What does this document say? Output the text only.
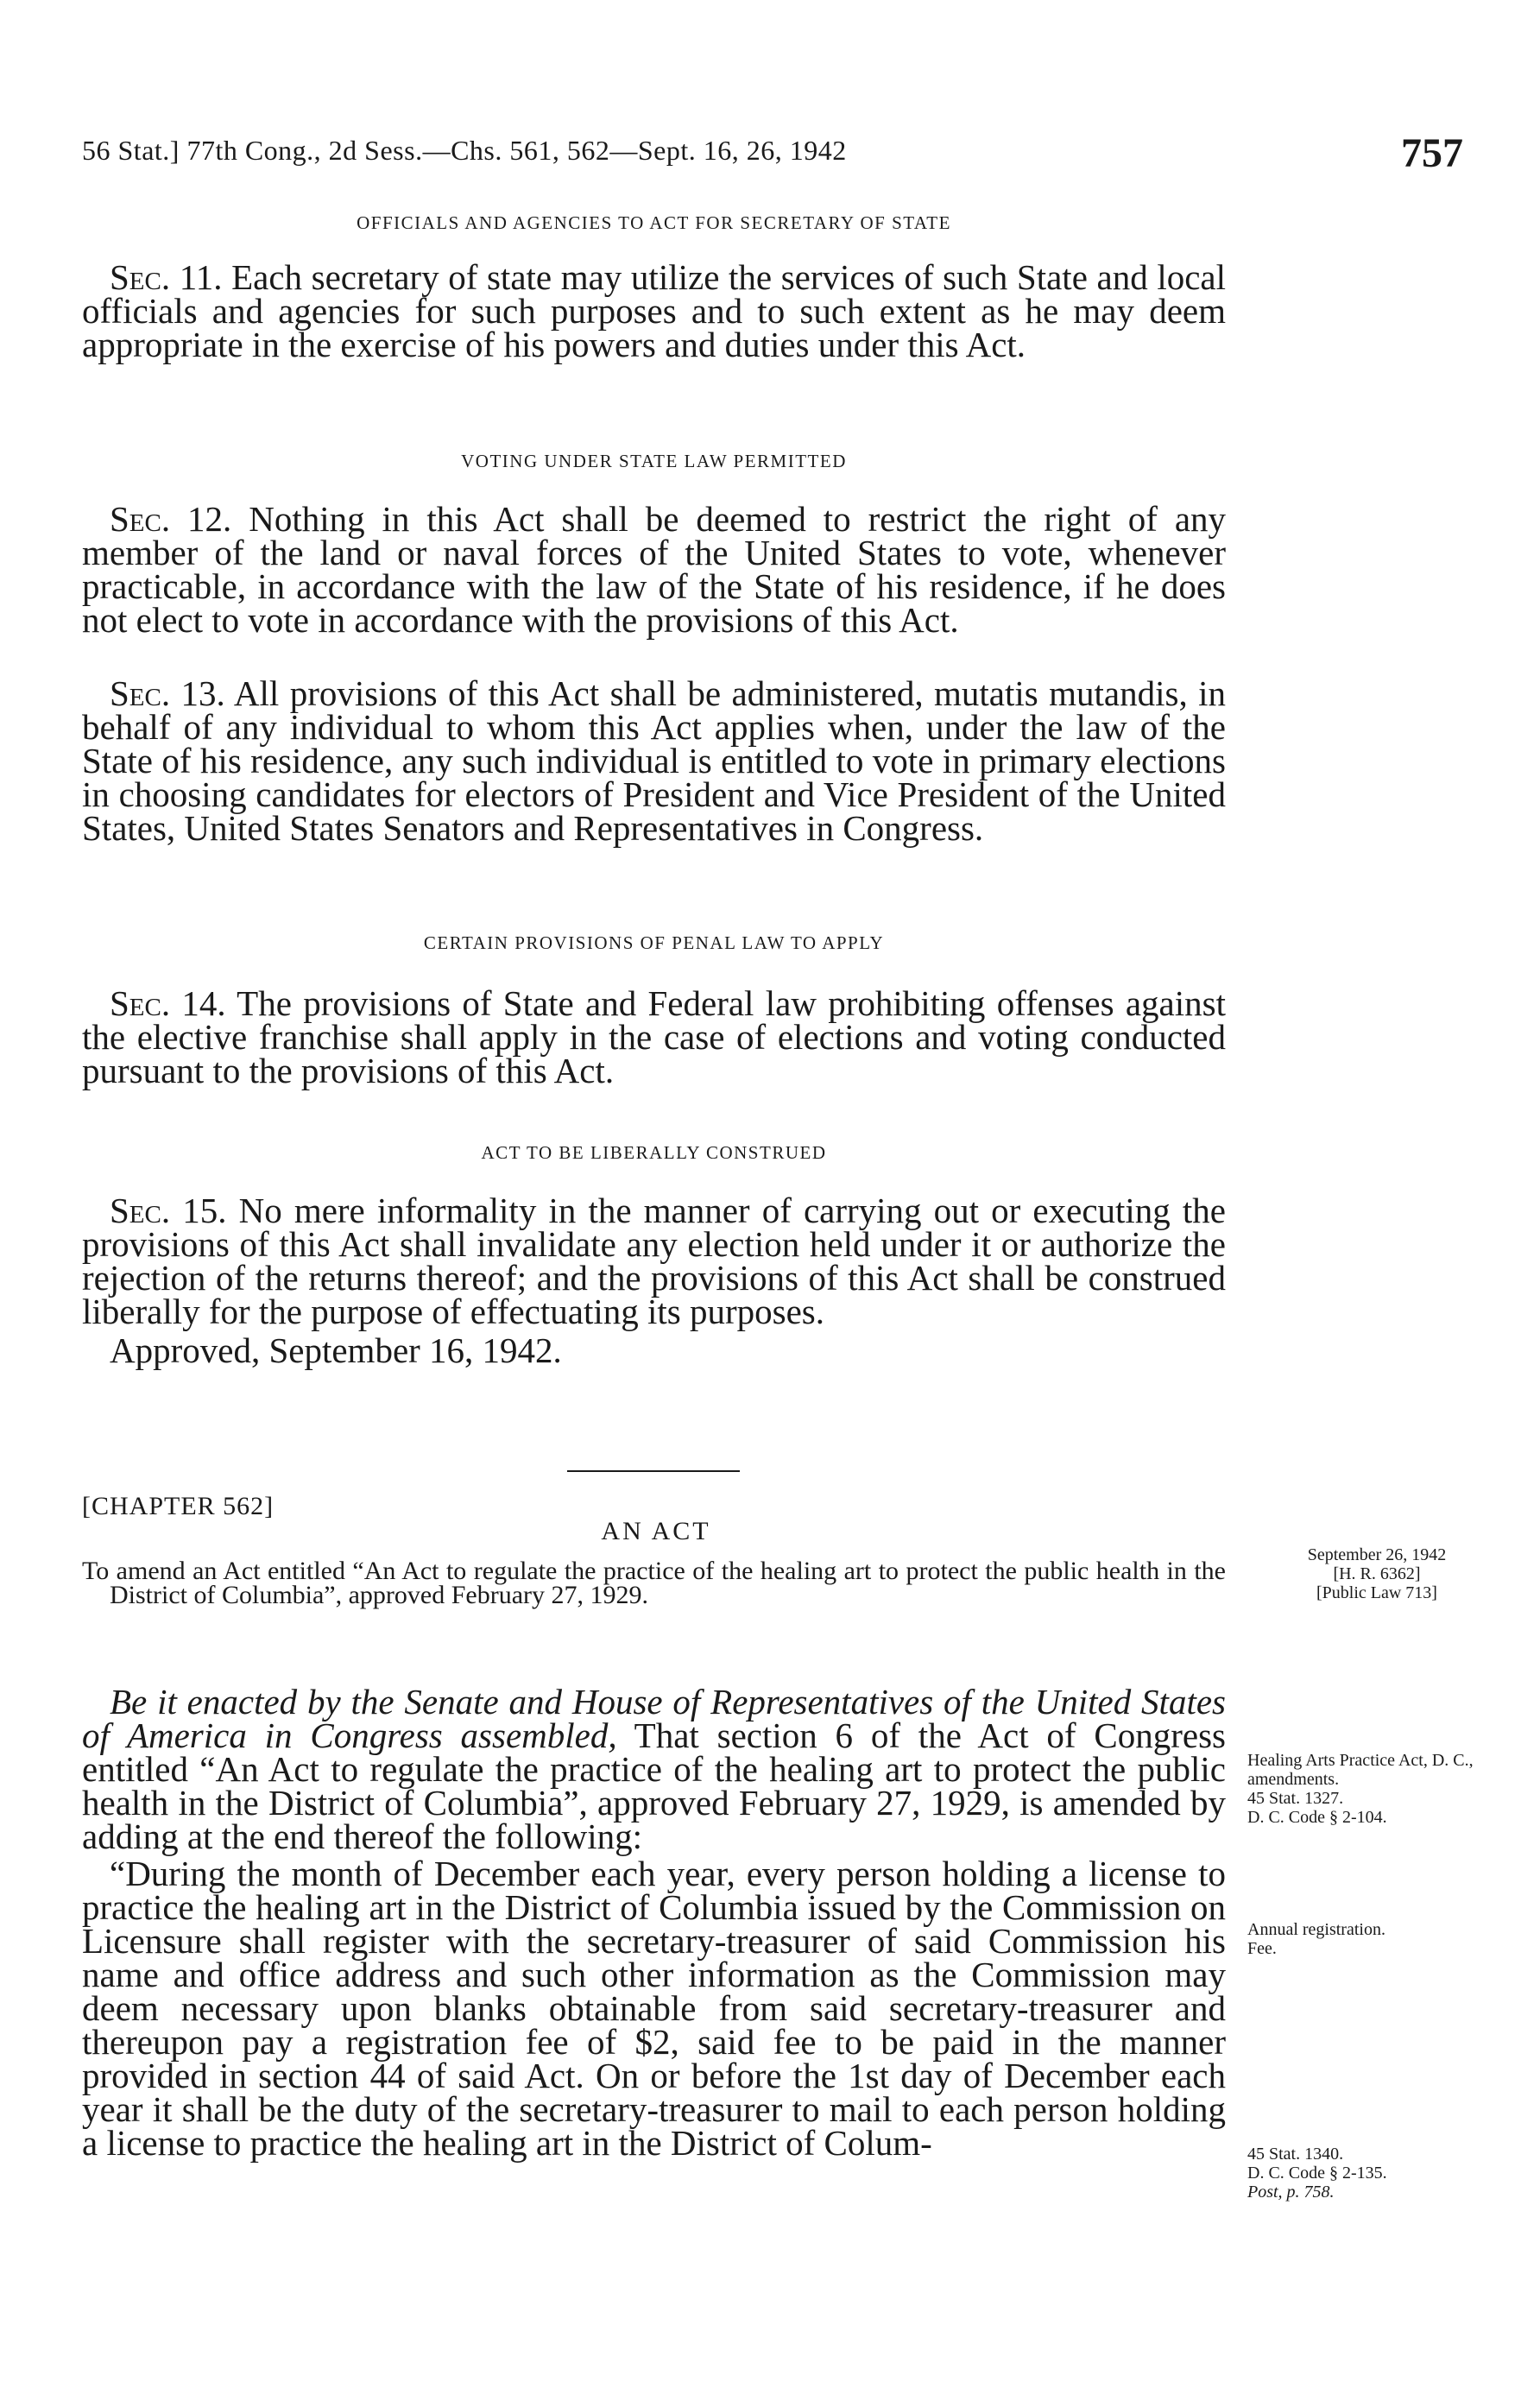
56 Stat.] 77th Cong., 2d Sess.—Chs. 561, 562—Sept. 16, 26, 1942	757

OFFICIALS AND AGENCIES TO ACT FOR SECRETARY OF STATE

Sec. 11. Each secretary of state may utilize the services of such State and local officials and agencies for such purposes and to such extent as he may deem appropriate in the exercise of his powers and duties under this Act.

VOTING UNDER STATE LAW PERMITTED

Sec. 12. Nothing in this Act shall be deemed to restrict the right of any member of the land or naval forces of the United States to vote, whenever practicable, in accordance with the law of the State of his residence, if he does not elect to vote in accordance with the provisions of this Act.

Sec. 13. All provisions of this Act shall be administered, mutatis mutandis, in behalf of any individual to whom this Act applies when, under the law of the State of his residence, any such individual is entitled to vote in primary elections in choosing candidates for electors of President and Vice President of the United States, United States Senators and Representatives in Congress.

CERTAIN PROVISIONS OF PENAL LAW TO APPLY

Sec. 14. The provisions of State and Federal law prohibiting offenses against the elective franchise shall apply in the case of elections and voting conducted pursuant to the provisions of this Act.

ACT TO BE LIBERALLY CONSTRUED

Sec. 15. No mere informality in the manner of carrying out or executing the provisions of this Act shall invalidate any election held under it or authorize the rejection of the returns thereof; and the provisions of this Act shall be construed liberally for the purpose of effectuating its purposes.

Approved, September 16, 1942.

[CHAPTER 562]
AN ACT

To amend an Act entitled “An Act to regulate the practice of the healing art to protect the public health in the District of Columbia”, approved February 27, 1929.

Be it enacted by the Senate and House of Representatives of the United States of America in Congress assembled, That section 6 of the Act of Congress entitled “An Act to regulate the practice of the healing art to protect the public health in the District of Columbia”, approved February 27, 1929, is amended by adding at the end thereof the following:

“During the month of December each year, every person holding a license to practice the healing art in the District of Columbia issued by the Commission on Licensure shall register with the secretary-treasurer of said Commission his name and office address and such other information as the Commission may deem necessary upon blanks obtainable from said secretary-treasurer and thereupon pay a registration fee of $2, said fee to be paid in the manner provided in section 44 of said Act. On or before the 1st day of December each year it shall be the duty of the secretary-treasurer to mail to each person holding a license to practice the healing art in the District of Colum-

September 26, 1942
[H. R. 6362]
[Public Law 713]
Healing Arts Practice Act, D. C., amendments.
45 Stat. 1327.
D. C. Code § 2-104.
Annual registration.
Fee.
45 Stat. 1340.
D. C. Code § 2-135.
Post, p. 758.
